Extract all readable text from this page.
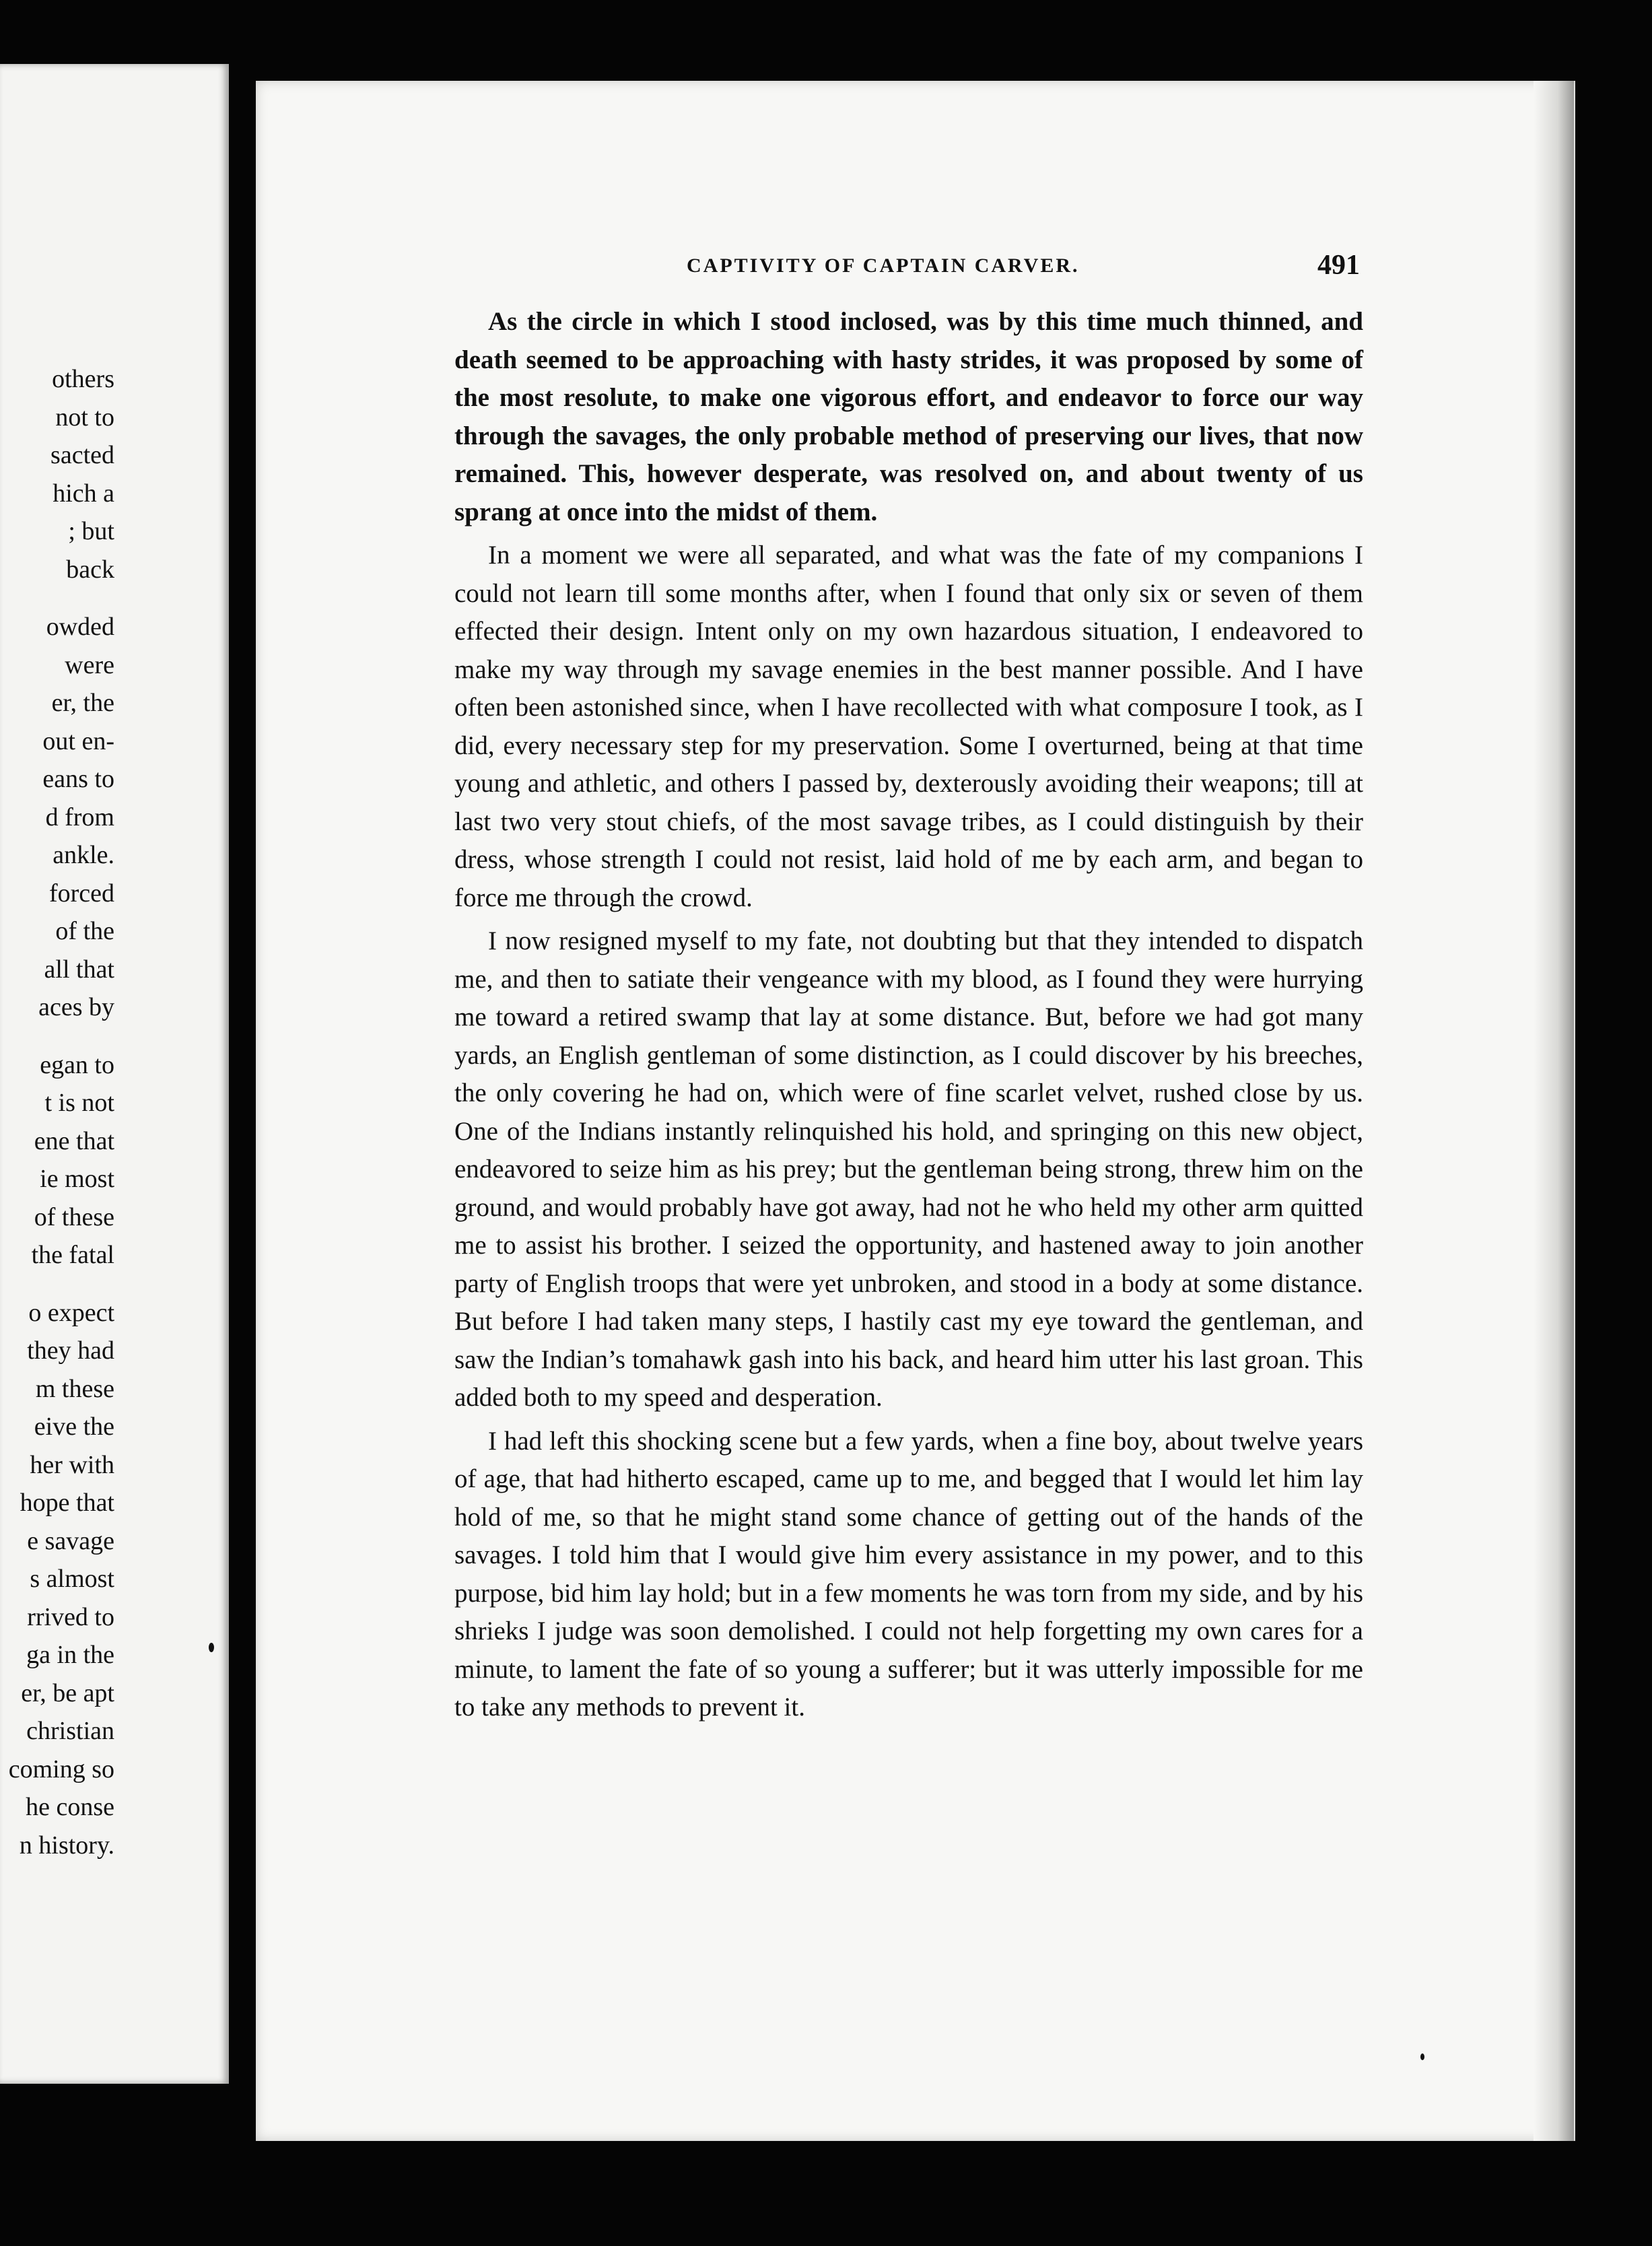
others
not to
sacted
hich a
; but
back
owded
were
er, the
out en-
eans to
d from
ankle.
forced
of the
all that
aces by
egan to
t is not
ene that
ie most
of these
the fatal
o expect
they had
m these
eive the
her with
hope that
e savage
s almost
rrived to
ga in the
er, be apt
christian
coming so
he conse
n history.
CAPTIVITY OF CAPTAIN CARVER.	491

As the circle in which I stood inclosed, was by this time much thinned, and death seemed to be approaching with hasty strides, it was proposed by some of the most resolute, to make one vigorous effort, and endeavor to force our way through the savages, the only probable method of preserving our lives, that now remained. This, however desperate, was resolved on, and about twenty of us sprang at once into the midst of them.

In a moment we were all separated, and what was the fate of my companions I could not learn till some months after, when I found that only six or seven of them effected their design. Intent only on my own hazardous situation, I endeavored to make my way through my savage enemies in the best manner possible. And I have often been astonished since, when I have recollected with what composure I took, as I did, every necessary step for my preservation. Some I overturned, being at that time young and athletic, and others I passed by, dexterously avoiding their weapons; till at last two very stout chiefs, of the most savage tribes, as I could distinguish by their dress, whose strength I could not resist, laid hold of me by each arm, and began to force me through the crowd.

I now resigned myself to my fate, not doubting but that they intended to dispatch me, and then to satiate their vengeance with my blood, as I found they were hurrying me toward a retired swamp that lay at some distance. But, before we had got many yards, an English gentleman of some distinction, as I could discover by his breeches, the only covering he had on, which were of fine scarlet velvet, rushed close by us. One of the Indians instantly relinquished his hold, and springing on this new object, endeavored to seize him as his prey; but the gentleman being strong, threw him on the ground, and would probably have got away, had not he who held my other arm quitted me to assist his brother. I seized the opportunity, and hastened away to join another party of English troops that were yet unbroken, and stood in a body at some distance. But before I had taken many steps, I hastily cast my eye toward the gentleman, and saw the Indian’s tomahawk gash into his back, and heard him utter his last groan. This added both to my speed and desperation.

I had left this shocking scene but a few yards, when a fine boy, about twelve years of age, that had hitherto escaped, came up to me, and begged that I would let him lay hold of me, so that he might stand some chance of getting out of the hands of the savages. I told him that I would give him every assistance in my power, and to this purpose, bid him lay hold; but in a few moments he was torn from my side, and by his shrieks I judge was soon demolished. I could not help forgetting my own cares for a minute, to lament the fate of so young a sufferer; but it was utterly impossible for me to take any methods to prevent it.
